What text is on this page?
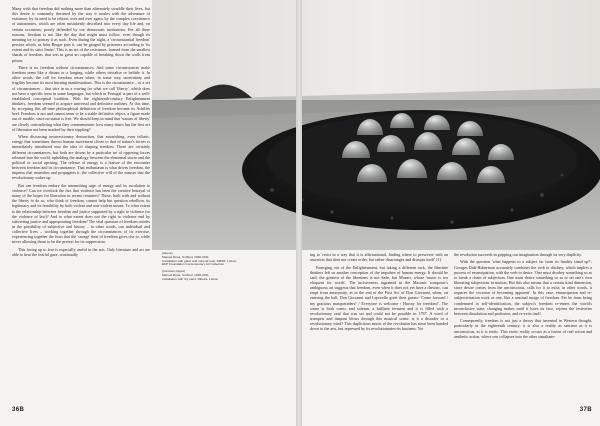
Many wish that freedom did nothing more than alternately swaddle their lives, but this desire is constantly thwarted by the way it tussles with the adventure of existence, by its need to be reborn, over and over again, by the complex coexistence of autonomies, which are often mistakenly described into every day life and, on certain occasions, poorly defended by our democratic institutions. For all these reasons, freedom is not like the day that might must follow, even though its meaning try to portray it as such. Even during the night, a 'circumstantial freedom' persists which, as John Berger puts it, can be gauged by prisoners according to 'its extent and its strict limits'. This is an act of the resistance, formed from the smallest shards of freedom, that sets in great art capable of breaking down the walls from prison.

There is no freedom without circumstances. And some circumstances make freedom seem like a distant or a longing, while others trivialise or belittle it. In other words, the call for freedom arises when, in some way, uncertainty and fragility become its most burning manifestations. This is the circumstance – or a set of circumstances – that stirs in us a craving for what we call 'liberty', which does not have a specific term in some languages, but which in Portugal is part of a well-established conceptual tradition. With the eighteenth-century Enlightenment thinkers, freedom seemed to acquire universal and definitive outlines. At this time, by accepting this all-time philosophical definition of freedom became its Achilles heel. Freedom is not and cannot seem to be a stable definitive object, a figure made out of marble, since no statue is free. We should keep in mind that 'statues of liberty' are clearly contradicting what they commemorate: how many times has the first act of liberation not been marked by their toppling?

When discussing insurrectionary destruction, that astonishing, even telluric, energy that sometimes throws human movement closer to that of nature's forces is immediately introduced into the idea of shaping freedom. There are certainly different circumstances, but both are driven by a particular set of opposing forces released into the world, upholding the analogy between the elemental storm and the political or social uprising. The release of energy is a feature of the encounter between freedom and its circumstance. That enthusiasm is what drives freedom, the impetus that nourishes and propagates it, the collective will of the masses that the revolutionary wakes up.

But can freedom endure the unremitting rage of energy and its escalation to violence? Can we overlook the fact that violence has been the creative betrayal of many of the hopes for liberation in recent centuries? Those, both with and without the liberty to do so, who think of freedom, cannot help but question rebellion, its legitimacy and its feasibility by both violent and non-violent means. To what extent is the relationship between freedom and justice supported by a right to violence (or the violence of law)? And to what extent does not the right to violence end by subverting justice and appropriating freedom? The vital question of freedom resides in the possibility of subjective and history – in other words, our individual and collective lives – working together through the circumstances of its exercise, experiencing together the fears that the 'savage' time of freedom gives rise to, while never allowing those to be the pretext for its suppression.

This facing up to fear is especially useful in the arts. Only literature and art are able to hear the fearful gaze, continually

36B
(above)
Manuel Rosa, Untitled, 1990-2011
Installation with glass and mineral coal, SMSR, Lisbon
EDP Foundation Contemporary Art Collection
(previous pages)
Manuel Rosa, Untitled, 1990-2011
Installation with dry sand, Ribeira, Lisbon

ing to 'resist in a way that it is affirmational, finding where to persevere with an assertion that does not create order, but rather disarranges and disrupts itself' [1].

Emerging out of the Enlightenment, but taking a different tack, the libertine thinkers left us another conception of the impulses of human energy. It should be said, the greatest of the libertines is not Sade, but Mozart, whose 'music is too eloquent for words'. The incisiveness ingrained in the Masonic composer's ambiguous art suggests that freedom, even when it does not yet have a rhetoric, can erupt from anonymity, as in the end of the First Act of Don Giovanni, when, on entering the ball, Don Giovanni and Leporello greet their guests: 'Come forward / my gracious masqueraders! / Everyone is welcome / Hurray for freedom!'. The scene is both comic and solemn, a brilliant ferment and it is filled with a revolutionary zeal that was set and could not be possible in 1787. A word of trumpets and timpani blows through this musical scene: is it a disorder or a revolutionary wind? This duplicitous music of the revolution has since been handed down to the arts, but repressed by its revolutionaries-its business. Yet

the revolution succeeds in gripping our imagination through its very duplicity.

With the question 'what happens to a subject far from its finality stand up?', Georges Didi-Huberman accurately combines the verb to disobey, which implies a process of emancipation, with the verb to desire. 'One must disobey something so as to break a chain of subjection. One must desire something so as to set one's own liberating subjections in motion. But this also means that a certain kind dimension, since desire comes from the unconscious, calls for it to exist; in other words, it requires the vocation of becoming apparent'. In this case, emancipation and re-subjectivisation work as one, like a seminal image of freedom. Far be from being condemned to self-identification, the subject's freedom re-enters the world's inconclusive state, changing makes until it loses its face, rejoins the festivities between dissolution and profusion, and re-exits itself.

Consequently, freedom is not just a theory that invented in Western thought, particularly in the eighteenth century: it is also a reality as sentient as it is unconscious, as it is erotic. This erotic reality occurs as a fusion of real action and aesthetic action, where one collapses into the other simultane-

37B
